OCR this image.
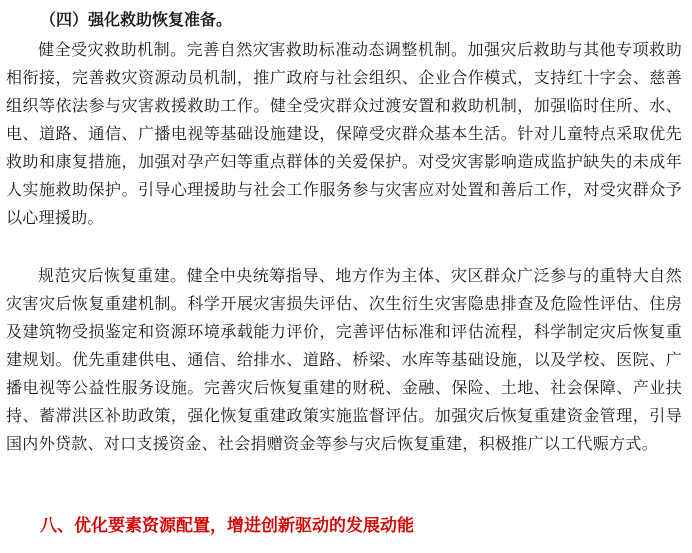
（四）强化救助恢复准备。

健全受灾救助机制。完善自然灾害救助标准动态调整机制。加强灾后救助与其他专项救助相衔接，完善救灾资源动员机制，推广政府与社会组织、企业合作模式，支持红十字会、慈善组织等依法参与灾害救援救助工作。健全受灾群众过渡安置和救助机制，加强临时住所、水、电、道路、通信、广播电视等基础设施建设，保障受灾群众基本生活。针对儿童特点采取优先救助和康复措施，加强对孕产妇等重点群体的关爱保护。对受灾害影响造成监护缺失的未成年人实施救助保护。引导心理援助与社会工作服务参与灾害应对处置和善后工作，对受灾群众予以心理援助。

规范灾后恢复重建。健全中央统筹指导、地方作为主体、灾区群众广泛参与的重特大自然灾害灾后恢复重建机制。科学开展灾害损失评估、次生衍生灾害隐患排查及危险性评估、住房及建筑物受损鉴定和资源环境承载能力评价，完善评估标准和评估流程，科学制定灾后恢复重建规划。优先重建供电、通信、给排水、道路、桥梁、水库等基础设施，以及学校、医院、广播电视等公益性服务设施。完善灾后恢复重建的财税、金融、保险、土地、社会保障、产业扶持、蓄滞洪区补助政策，强化恢复重建政策实施监督评估。加强灾后恢复重建资金管理，引导国内外贷款、对口支援资金、社会捐赠资金等参与灾后恢复重建，积极推广以工代赈方式。

八、优化要素资源配置，增进创新驱动的发展动能
